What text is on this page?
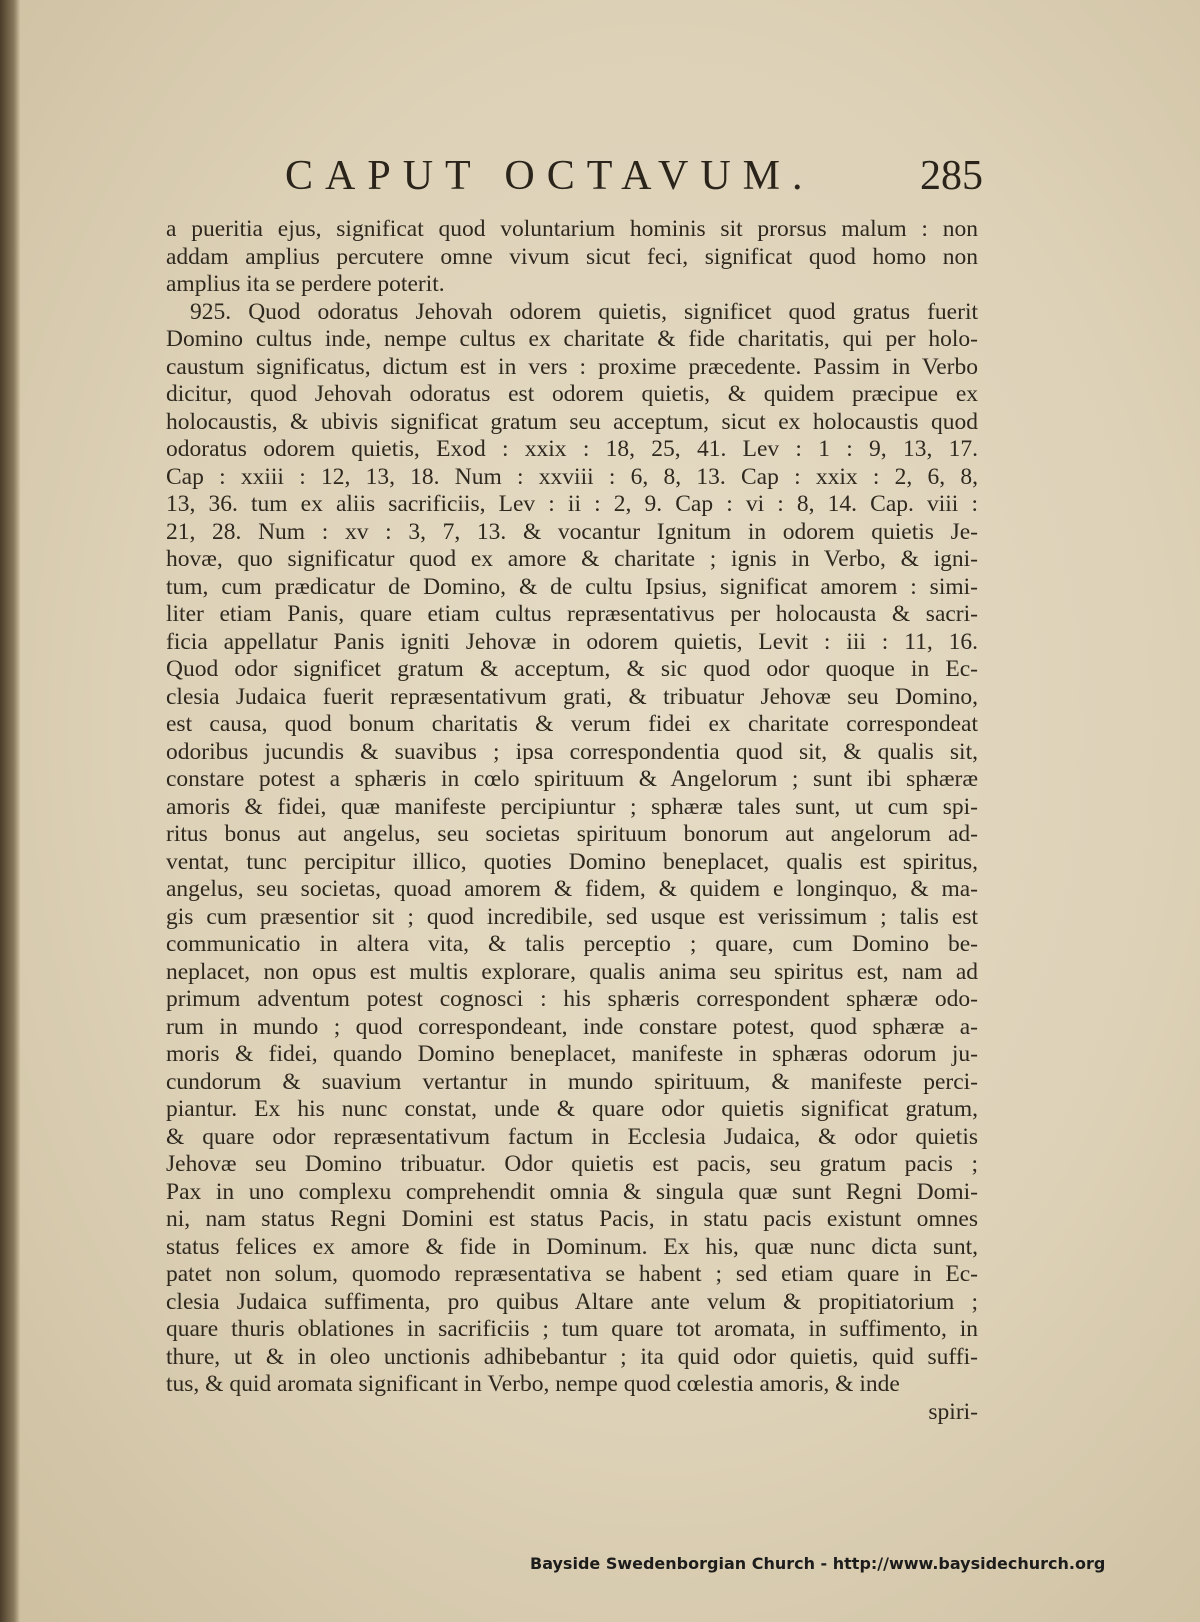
CAPUT OCTAVUM.	285
a pueritia ejus, significat quod voluntarium hominis sit prorsus malum : non
addam amplius percutere omne vivum sicut feci, significat quod homo non
amplius ita se perdere poterit.
925. Quod odoratus Jehovah odorem quietis, significet quod gratus fuerit
Domino cultus inde, nempe cultus ex charitate & fide charitatis, qui per holo-
caustum significatus, dictum est in vers : proxime præcedente. Passim in Verbo
dicitur, quod Jehovah odoratus est odorem quietis, & quidem præcipue ex
holocaustis, & ubivis significat gratum seu acceptum, sicut ex holocaustis quod
odoratus odorem quietis, Exod : xxix : 18, 25, 41. Lev : 1 : 9, 13, 17.
Cap : xxiii : 12, 13, 18. Num : xxviii : 6, 8, 13. Cap : xxix : 2, 6, 8,
13, 36. tum ex aliis sacrificiis, Lev : ii : 2, 9. Cap : vi : 8, 14. Cap. viii :
21, 28. Num : xv : 3, 7, 13. & vocantur Ignitum in odorem quietis Je-
hovæ, quo significatur quod ex amore & charitate ; ignis in Verbo, & igni-
tum, cum prædicatur de Domino, & de cultu Ipsius, significat amorem : simi-
liter etiam Panis, quare etiam cultus repræsentativus per holocausta & sacri-
ficia appellatur Panis igniti Jehovæ in odorem quietis, Levit : iii : 11, 16.
Quod odor significet gratum & acceptum, & sic quod odor quoque in Ec-
clesia Judaica fuerit repræsentativum grati, & tribuatur Jehovæ seu Domino,
est causa, quod bonum charitatis & verum fidei ex charitate correspondeat
odoribus jucundis & suavibus ; ipsa correspondentia quod sit, & qualis sit,
constare potest a sphæris in cœlo spirituum & Angelorum ; sunt ibi sphæræ
amoris & fidei, quæ manifeste percipiuntur ; sphæræ tales sunt, ut cum spi-
ritus bonus aut angelus, seu societas spirituum bonorum aut angelorum ad-
ventat, tunc percipitur illico, quoties Domino beneplacet, qualis est spiritus,
angelus, seu societas, quoad amorem & fidem, & quidem e longinquo, & ma-
gis cum præsentior sit ; quod incredibile, sed usque est verissimum ; talis est
communicatio in altera vita, & talis perceptio ; quare, cum Domino be-
neplacet, non opus est multis explorare, qualis anima seu spiritus est, nam ad
primum adventum potest cognosci : his sphæris correspondent sphæræ odo-
rum in mundo ; quod correspondeant, inde constare potest, quod sphæræ a-
moris & fidei, quando Domino beneplacet, manifeste in sphæras odorum ju-
cundorum & suavium vertantur in mundo spirituum, & manifeste perci-
piantur. Ex his nunc constat, unde & quare odor quietis significat gratum,
& quare odor repræsentativum factum in Ecclesia Judaica, & odor quietis
Jehovæ seu Domino tribuatur. Odor quietis est pacis, seu gratum pacis ;
Pax in uno complexu comprehendit omnia & singula quæ sunt Regni Domi-
ni, nam status Regni Domini est status Pacis, in statu pacis existunt omnes
status felices ex amore & fide in Dominum. Ex his, quæ nunc dicta sunt,
patet non solum, quomodo repræsentativa se habent ; sed etiam quare in Ec-
clesia Judaica suffimenta, pro quibus Altare ante velum & propitiatorium ;
quare thuris oblationes in sacrificiis ; tum quare tot aromata, in suffimento, in
thure, ut & in oleo unctionis adhibebantur ; ita quid odor quietis, quid suffi-
tus, & quid aromata significant in Verbo, nempe quod cœlestia amoris, & inde
spiri-
Bayside Swedenborgian Church - http://www.baysidechurch.org
